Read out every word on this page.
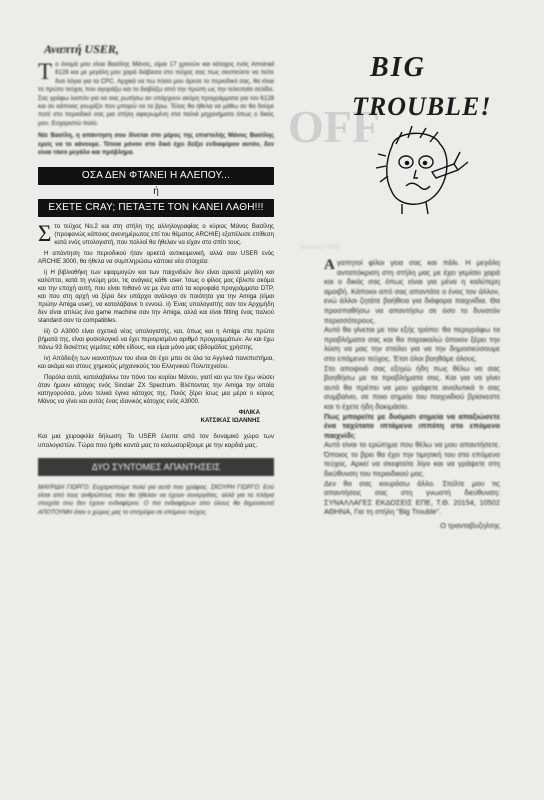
OFF
Αναπτή USER,
Τ ο όνομά μου είναι Βασίλης Μάνος, είμαι 17 χρονών και κάτοχος ενός Amstrad 6128 και με μεγάλη μου χαρά διάβασα στο τεύχος σας πως σκοπεύετε να πείτε δυο λόγια για τα CPC. Αρχικά να πω πόσο μου άρεσε το περιοδικό σας, θα είναι το πρώτο τεύχος που αγοράζω και το διαβάζω από την πρώτη ως την τελευταία σελίδα. Σας γράφω λοιπόν για να σας ρωτήσω αν υπάρχουν ακόμη προγράμματα για τον 6128 και αν κάποιος γνωρίζει που μπορώ να τα βρω. Τέλος θα ήθελα να μάθω αν θα δούμε ποτέ στο περιοδικό σας μια στήλη αφιερωμένη στα παλιά μηχανήματα όπως ο δικός μου. Ευχαριστώ πολύ.
Νέε Βασίλη, η απάντηση σου δίνεται στο μέρος της επιστολής Μάνος Βασίλης εμείς να το κάνουμε. Τέτοια μόνον στο δικό έχει δείξει ενδιαφέρον αυτόν, δεν είναι τόσο μεγάλο και πρόβλημα.
ΟΣΑ ΔΕΝ ΦΤΑΝΕΙ Η ΑΛΕΠΟΥ...
ή
ΕΧΕΤΕ CRAY; ΠΕΤΑΞΤΕ ΤΟΝ ΚΑΝΕΙ ΛΑΘΗ!!!

Στο τεύχος No.2 και στη στήλη της αλληλογραφίας ο κύριος Μάνος Βασίλης (προφανώς κάποιος ανενημέρωτος επί του θέματος ARCHIE) εξαπέλυσε επίθεση κατά ενός υπολογιστή, που πολλοί θα ήθελαν να είχαν στο σπίτι τους.

Η απάντηση του περιοδικού ήταν αρκετά αντικειμενική, αλλά σαν USER ενός ARCHIE 3000, θα ήθελα να συμπληρώσω κάποια νέα στοιχεία:

i) Η βιβλιοθήκη των εφαρμογών και των παιχνιδιών δεν είναι αρκετά μεγάλη και καλύπτει, κατά τη γνώμη μου, τις ανάγκες κάθε user. Ίσως ο φίλος μας έβλεπε ακόμα και την εποχή αυτή, που είναι πιθανό να με ένα από τα κορυφαία προγράμματα DTP, και που στη αρχή να ξέρει δεν υπάρχει ανάλογο σε ποιότητα για την Amiga (είμαι πρώην Amiga user), να καταλάβαινε τι εννοώ. ii) Ένας υπολογιστής σαν τον Αρχιμήδη δεν είναι απλώς ένα game machine σαν την Amiga, αλλά και είναι fitting ένας παλιού standard σαν τα compatibles.

iii) Ο A3000 είναι σχετικά νέος υπολογιστής, και, όπως και η Amiga στα πρώτα βήματά της, είναι φυσιολογικό να έχει περιορισμένο αριθμό προγραμμάτων. Αν και έχω πάνω 93 δισκέττες γεμάτες κάθε είδους, και είμαι μόνο μας εβδομάδας χρήστης.

iv) Απόδειξη των ικανοτήτων του είναι ότι έχει μπει σε όλα τα Αγγλικά πανεπιστήμια, και ακόμα και στους χημικούς μηχανικούς του Ελληνικού Πολυτεχνείου.

Παρόλα αυτά, καταλαβαίνω τον πόνο του κυρίου Μάνου, γιατί και γω τον έχω νιώσει όταν ήμουν κάτοχος ενός Sinclair ZX Spectrum. Βλέποντας την Amiga την οποία κατηγορούσα, μόνο τελικά έγινα κάτοχος της. Ποιός ξέρει ίσως μια μέρα ο κύριος Μάνος να γίνει και αυτός ένας ιδανικός κάτοχος ενός A3000.

ΦΙΛΙΚΑ
ΚΑΤΣΙΚΑΣ ΙΩΑΝΝΗΣ
Και μια χειροφιλία δήλωση: Το USER έλειπε από τον δυναμικό χώρο των υπολογιστών. Τώρα που ήρθε κοντά μας το καλωσορίζουμε με την καρδιά μας.
ΔΥΟ ΣΥΝΤΟΜΕΣ ΑΠΑΝΤΗΣΕΙΣ
ΜΑΥΡΙΔΗ ΓΙΩΡΓΟ: Ευχαριστούμε πολύ για αυτά που γράφεις. ΣΚΟΥΡΗ ΓΙΩΡΓΟ: Εσύ είσαι από τους ανθρώπους που θα ήθελαν να έχουν συνεργάτες, αλλά για τα πλάγια στοιχεία σου δεν έχουν ενδιαφέρον. Ο πιο ενδιαφέρων απο όλους θα δημοσιευτεί ΑΠΟΤΟΥΜΗ όταν ο χώρος μας το επιτρέψει σε επόμενο τεύχος.
BIG
TROUBLE!
Ανατολή PSED

Αγαπητοί φίλοι γεια σας και πάλι. Η μεγάλη ανταπόκριση στη στήλη μας με έχει γεμίσει χαρά και ο δικός σας όπως είναι για μένα η καλύτερη αμοιβή. Κάποιοι από σας απαντάτε ο ένας τον άλλον, ενώ άλλοι ζητάτε βοήθεια για διάφορα παιχνίδια. Θα προσπαθήσω να απαντήσω σε όσο το δυνατόν περισσότερους.

Αυτό θα γίνεται με τον εξής τρόπο: θα περιγράφω τα προβλήματα σας και θα παρακαλώ όποιον ξέρει την λύση να μας την στείλει για να την δημοσιεύσουμε στο επόμενο τεύχος. Έτσι όλοι βοηθάμε όλους.

Στο αποψινό σας εξηγώ ήδη πως θέλω να σας βοηθήσω με τα προβλήματα σας. Και για να γίνει αυτό θα πρέπει να μου γράφετε αναλυτικά τι σας συμβαίνει, σε ποιο σημείο του παιχνιδιού βρίσκεστε και τι έχετε ήδη δοκιμάσει.

Πως μπορείτε με δυόμισι σημεία να απαξιώσετε ένα ταχύτατο ιπτάμενο ιππότη στο επόμενο παιχνίδι;

Αυτό είναι το ερώτημα που θέλω να μου απαντήσετε. Όποιος το βρει θα έχει την τιμητική του στο επόμενο τεύχος. Αρκεί να σκεφτείτε λίγο και να γράψετε στη διεύθυνση του περιοδικού μας.

Δεν θα σας κουράσω άλλο. Στείλτε μου τις απαντήσεις σας στη γνωστή διεύθυνση: ΣΥΝΑΛΛΑΓΕΣ ΕΚΔΟΣΕΙΣ ΕΠΕ, Τ.Θ. 20154, 10502 ΑΘΗΝΑ, Για τη στήλη "Big Trouble".

Ο τρανταβυζηλτης
